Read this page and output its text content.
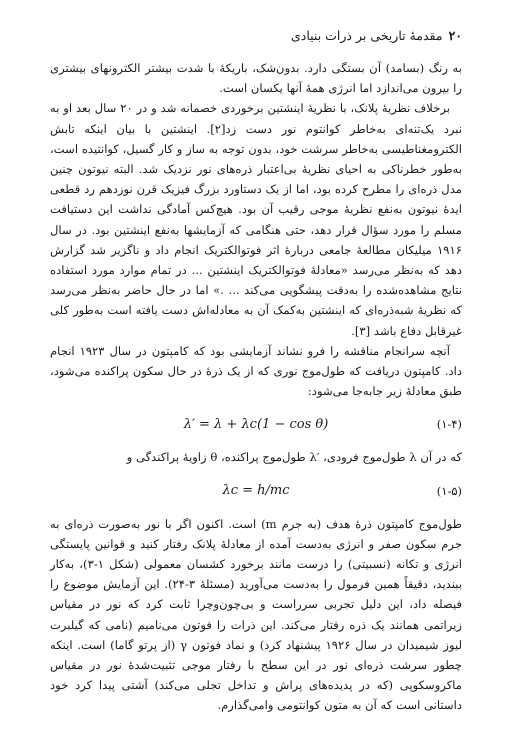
۲۰
مقدمهٔ تاریخی بر ذرات بنیادی

به رنگ (بسامد) آن بستگی دارد. بدون‌شک، باریکهٔ با شدت بیشتر الکترونهای بیشتری را بیرون می‌اندازد اما انرژی همهٔ آنها یکسان است.

برخلاف نظریهٔ پلانک، با نظریهٔ اینشتین برخوردی خصمانه شد و در ۲۰ سال بعد او به نبرد یک‌تنه‌ای به‌خاطر کوانتوم نور دست زد[۲]. اینشتین با بیان اینکه تابش الکترومغناطیسی به‌خاطر سرشت خود، بدون توجه به ساز و کار گسیل، کوانتیده است، به‌طور خطرناکی به احیای نظریهٔ بی‌اعتبار ذره‌های نور نزدیک شد. البته نیوتون چنین مدل ذره‌ای را مطرح کرده بود، اما از یک دستاورد بزرگ فیزیک قرن نوزدهم رد قطعی ایدهٔ نیوتون به‌نفع نظریهٔ موجی رقیب آن بود. هیچ‌کس آمادگی نداشت این دستیافت مسلم را مورد سؤال قرار دهد، حتی هنگامی که آزمایشها به‌نفع اینشتین بود. در سال ۱۹۱۶ میلیکان مطالعهٔ جامعی دربارهٔ اثر فوتوالکتریک انجام داد و ناگزیر شد گزارش دهد که به‌نظر می‌رسد «معادلهٔ فوتوالکتریک اینشتین ... در تمام موارد مورد استفاده نتایج مشاهده‌شده را به‌دقت پیشگویی می‌کند ... .» اما در حال حاضر به‌نظر می‌رسد که نظریهٔ شبه‌ذره‌ای که اینشتین به‌کمک آن به معادله‌اش دست یافته است به‌طور کلی غیرقابل دفاع باشد [۳].

آنچه سرانجام مناقشه را فرو نشاند آزمایشی بود که کامپتون در سال ۱۹۲۳ انجام داد. کامپتون دریافت که طول‌موج نوری که از یک ذرهٔ در حال سکون پراکنده می‌شود، طبق معادلهٔ زیر جابه‌جا می‌شود:

λ′ = λ + λc(1 − cos θ)	(۱-۴)

که در آن λ طول‌موج فرودی، ′λ طول‌موج پراکنده، θ زاویهٔ پراکندگی و

λc = h/mc	(۱-۵)

طول‌موج کامپتون ذرهٔ هدف (به جرم m) است. اکنون اگر با نور به‌صورت ذره‌ای به جرم سکون صفر و انرژی به‌دست آمده از معادلهٔ پلانک رفتار کنید و قوانین پایستگی انرژی و تکانه (نسبیتی) را درست مانند برخورد کشسان معمولی (شکل ۱-۳)، به‌کار ببندید، دقیقاً همین فرمول را به‌دست می‌آورید (مسئلهٔ ۳-۲۴). این آزمایش موضوع را فیصله داد، این دلیل تجربی سرراست و بی‌چون‌وچرا ثابت کرد که نور در مقیاس زیراتمی همانند یک ذره رفتار می‌کند. این ذرات را فوتون می‌نامیم (نامی که گیلبرت لیوز شیمیدان در سال ۱۹۲۶ پیشنهاد کرد) و نماد فوتون γ (از پرتو گاما) است. اینکه چطور سرشت ذره‌ای نور در این سطح با رفتار موجی تثبیت‌شدهٔ نور در مقیاس ماکروسکوپی (که در پدیده‌های پراش و تداخل تجلی می‌کند) آشتی پیدا کرد خود داستانی است که آن به متون کوانتومی وامی‌گذارم.
